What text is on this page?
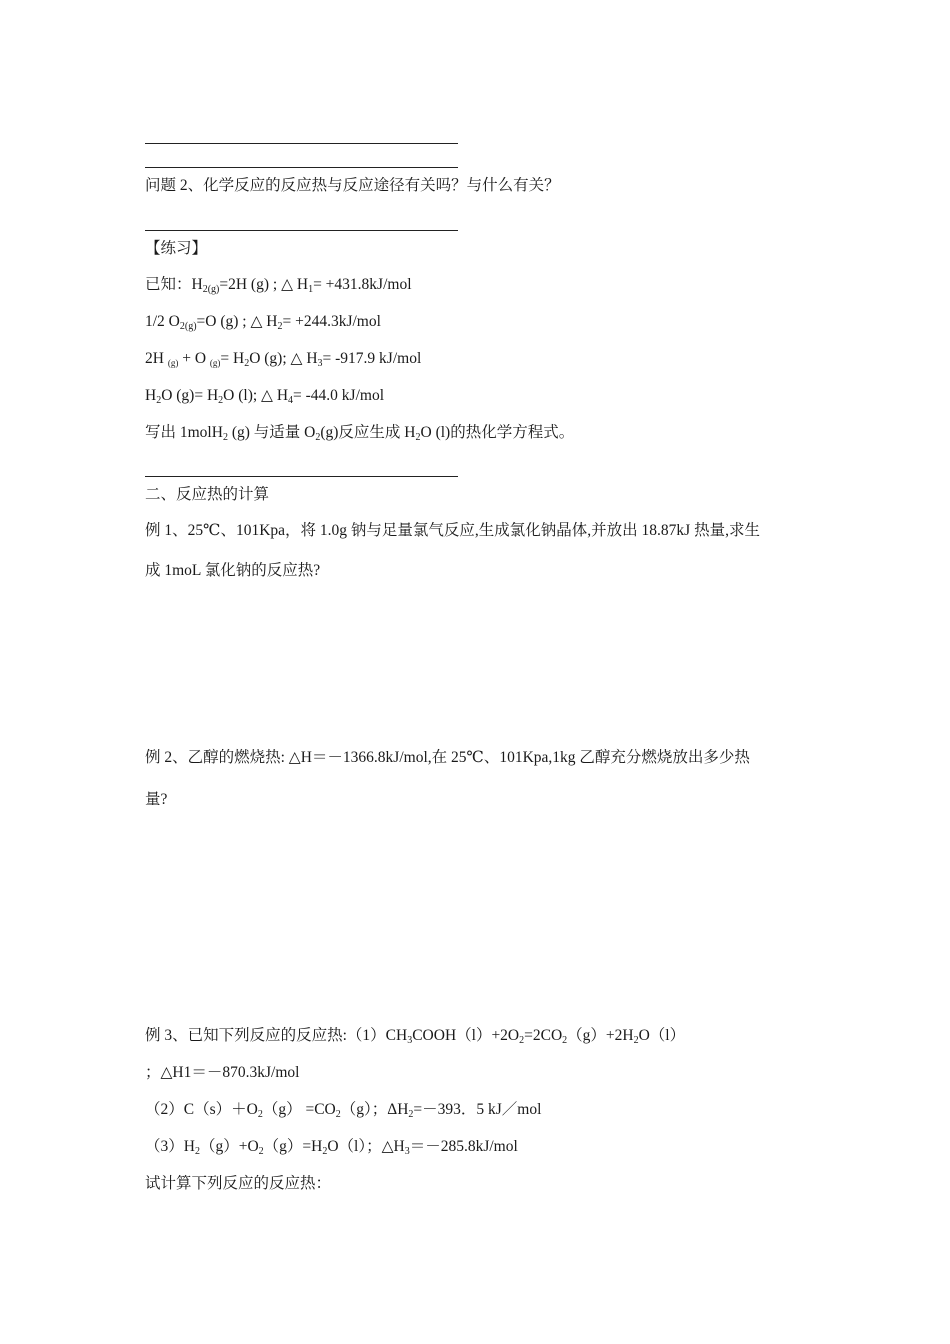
问题 2、化学反应的反应热与反应途径有关吗？与什么有关？
【练习】
已知：$H_{2(g)}=2H$ (g) ; △ $H_1= +431.8kJ/mol$
1/2 $O_{2(g)}=O$ (g) ; △ $H_2= +244.3kJ/mol$
2H $_{(g)}$ + O $_{(g)}= H_2O$ (g); △ $H_3= -917.9$ kJ/mol
$H_2O$ $(g)= H_2O$ (l); △ $H_4= -44.0$ kJ/mol
写出 1molH$_2$ (g) 与适量 $O_2(g)$反应生成 $H_2O$ (l)的热化学方程式。
二、反应热的计算
例 1、25℃、101Kpa，将 1.0g 钠与足量氯气反应,生成氯化钠晶体,并放出 18.87kJ 热量,求生
成 1moL 氯化钠的反应热?
例 2、乙醇的燃烧热: △H＝－1366.8kJ/mol,在 25℃、101Kpa,1kg 乙醇充分燃烧放出多少热
量?
例 3、已知下列反应的反应热$:(1)CH_3COOH(l)+2O_2=2CO_2(g)+2H_2O(l)$
；△H1＝－870.3kJ/mol
$(2)C(s)+O_2(g) =CO_2(g)$；$\Delta H_2=-393$．5 kJ／mol
$(3)H_2(g)+O_2(g)=H_2O(l)$；$\triangle H_3=-285.8kJ$/mol
试计算下列反应的反应热：
